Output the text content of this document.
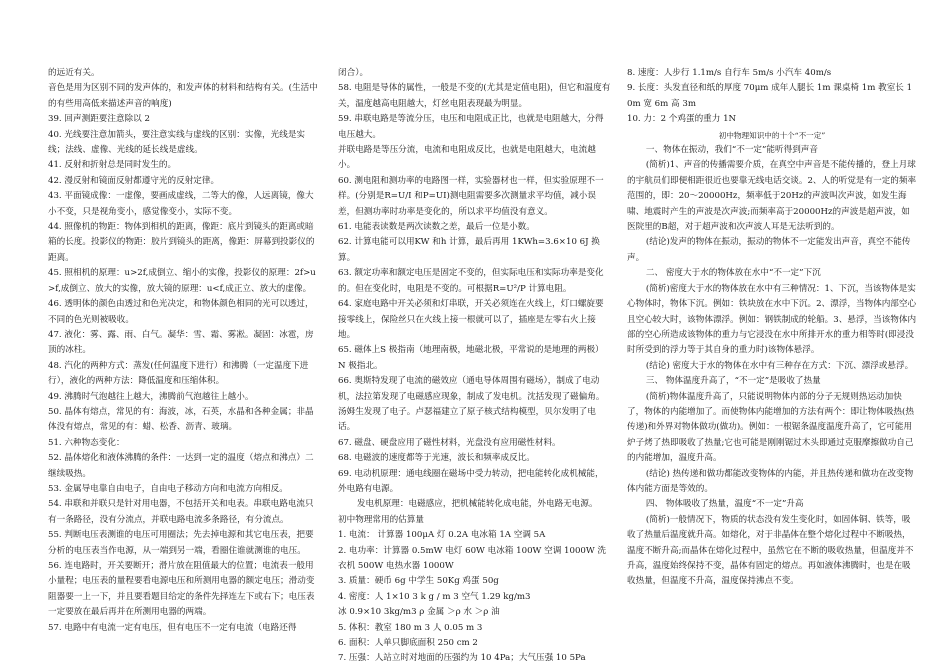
的远近有关。

音色是用为区别不同的发声体的，和发声体的材料和结构有关。(生活中的有些用高低来描述声音的响度)

39. 回声测距要注意除以 2

40. 光线要注意加箭头，要注意实线与虚线的区别：实像，光线是实线；法线、虚像、光线的延长线是虚线。

41. 反射和折射总是同时发生的。

42. 漫反射和镜面反射都遵守光的反射定律。

43. 平面镜成像：一虚像，要画成虚线，二等大的像，人远离镜，像大小不变，只是视角变小，感觉像变小，实际不变。

44. 照像机的物距：物体到相机的距离，像距：底片到镜头的距离或暗箱的长度。投影仪的物距：胶片到镜头的距离，像距：屏幕到投影仪的距离。

45. 照相机的原理：u>2f,成倒立、缩小的实像，投影仪的原理：2f>u>f,成倒立、放大的实像，放大镜的原理：u<f,成正立、放大的虚像。

46. 透明体的颜色由透过和色光决定，和物体颜色相同的光可以透过，不同的色光则被吸收。

47. 液化：雾、露、雨、白气。凝华：雪、霜、雾凇。凝固：冰雹，房顶的冰柱。

48. 汽化的两种方式：蒸发(任何温度下进行）和沸腾（一定温度下进行），液化的两种方法：降低温度和压缩体积。

49. 沸腾时气泡越往上越大，沸腾前气泡越往上越小。

50. 晶体有熔点，常见的有：海波，冰，石英，水晶和各种金属；非晶体没有熔点，常见的有：蜡、松香、沥青、玻璃。

51. 六种物态变化：

52. 晶体熔化和液体沸腾的条件：一达到一定的温度（熔点和沸点）二继续吸热。

53. 金属导电靠自由电子，自由电子移动方向和电流方向相反。

54. 串联和并联只是针对用电器，不包括开关和电表。串联电路电流只有一条路径，没有分流点，并联电路电流多条路径，有分流点。

55. 判断电压表测谁的电压可用圈法；先去掉电源和其它电压表，把要分析的电压表当作电源，从一端到另一端，看圈住谁就测谁的电压。

56. 连电路时，开关要断开；滑片放在阻值最大的位置；电流表一般用小量程；电压表的量程要看电源电压和所测用电器的额定电压；滑动变阻器要一上一下，并且要看题目给定的条件先择连左下或右下；电压表一定要放在最后再并在所测用电器的两端。

57. 电路中有电流一定有电压，但有电压不一定有电流（电路还得

闭合）。

58. 电阻是导体的属性，一般是不变的(尤其是定值电阻)，但它和温度有关，温度越高电阻越大，灯丝电阻表现最为明显。

59. 串联电路是等流分压，电压和电阻成正比，也就是电阻越大，分得电压越大。

并联电路是等压分流，电流和电阻成反比，也就是电阻越大，电流越小。

60. 测电阻和测功率的电路图一样，实验器材也一样，但实验原理不一样。(分别是R=U/I 和P=UI)测电阻需要多次测量求平均值，减小误差，但测功率时功率是变化的，所以求平均值没有意义。

61. 电能表读数是两次读数之差，最后一位是小数。

62. 计算电能可以用KW 和h 计算，最后再用 1KWh=3.6×10 6J 换算。

63. 额定功率和额定电压是固定不变的，但实际电压和实际功率是变化的。但在变化时，电阻是不变的。可根据R=U²/P 计算电阻。

64. 家庭电路中开关必须和灯串联，开关必须连在火线上，灯口螺旋要接零线上，保险丝只在火线上接一根就可以了，插座是左零右火上接地。

65. 磁体上S 极指南（地理南极，地磁北极，平常说的是地理的两极）N 极指北。

66. 奥斯特发现了电流的磁效应（通电导体周围有磁场），制成了电动机，法拉第发现了电磁感应现象，制成了发电机。沈括发现了磁偏角。汤姆生发现了电子。卢瑟福建立了原子核式结构模型，贝尔发明了电话。

67. 磁盘、硬盘应用了磁性材料，光盘没有应用磁性材料。

68. 电磁波的速度都等于光速，波长和频率成反比。

69. 电动机原理：通电线圈在磁场中受力转动，把电能转化成机械能，外电路有电源。

发电机原理：电磁感应，把机械能转化成电能，外电路无电源。

初中物理常用的估算量

1. 电流： 计算器 100μA 灯 0.2A 电冰箱 1A 空调 5A

2. 电功率：计算器 0.5mW 电灯 60W 电冰箱 100W 空调 1000W 洗衣机 500W 电热水器 1000W

3. 质量：硬币 6g 中学生 50Kg 鸡蛋 50g

4. 密度：人 1×10 3 k g / m 3 空气 1.29 kg/m3

冰 0.9×10 3kg/m3 ρ 金属 ＞ρ 水 ＞ρ 油

5. 体积：教室 180 m 3 人 0.05 m 3

6. 面积：人单只脚底面积 250 cm 2

7. 压强：人站立时对地面的压强约为 10 4Pa；大气压强 10 5Pa

8. 速度：人步行 1.1m/s 自行车 5m/s 小汽车 40m/s

9. 长度：头发直径和纸的厚度 70μm 成年人腿长 1m 课桌椅 1m 教室长 10m 宽 6m 高 3m

10. 力：2 个鸡蛋的重力 1N

初中物理知识中的十个“不一定”

一、物体在振动，我们“不一定”能听得到声音

(简析)1、声音的传播需要介质，在真空中声音是不能传播的，登上月球的宇航员们即便相距很近也要靠无线电话交谈。2、人的听觉是有一定的频率范围的，即：20～20000Hz，频率低于20Hz的声波叫次声波，如发生海啸、地震时产生的声波是次声波;而频率高于20000Hz的声波是超声波，如医院里的B超，对于超声波和次声波人耳是无法听到的。

(结论)发声的物体在振动，振动的物体不一定能发出声音，真空不能传声。

二、 密度大于水的物体放在水中“不一定”下沉

(简析)密度大于水的物体放在水中有三种情况：1、下沉，当该物体是实心物体时，物体下沉。例如：铁块放在水中下沉。2、漂浮，当物体内部空心且空心较大时，该物体漂浮。例如：钢铁制成的轮船。3、悬浮，当该物体内部的空心所造成该物体的重力与它浸没在水中所排开水的重力相等时(即浸没时所受到的浮力等于其自身的重力时)该物体悬浮。

(结论) 密度大于水的物体在水中有三种存在方式：下沉、漂浮或悬浮。

三、 物体温度升高了，“不一定”是吸收了热量

(简析)物体温度升高了，只能说明物体内部的分子无规则热运动加快了，物体的内能增加了。而使物体内能增加的方法有两个：即让物体吸热(热传递)和外界对物体做功(做功)。例如：一根锯条温度温度升高了，它可能用炉子烤了热即吸收了热量;它也可能是刚刚锯过木头即通过克服摩擦做功自己的内能增加，温度升高。

(结论) 热传递和做功都能改变物体的内能，并且热传递和做功在改变物体内能方面是等效的。

四、 物体吸收了热量，温度“不一定”升高

(简析)一般情况下，物质的状态没有发生变化时，如固体铜、铁等，吸收了热量后温度就升高。如熔化，对于非晶体在整个熔化过程中不断吸热，温度不断升高;而晶体在熔化过程中，虽然它在不断的吸收热量，但温度并不升高，温度始终保持不变，晶体有固定的熔点。再如液体沸腾时，也是在吸收热量，但温度不升高，温度保持沸点不变。
